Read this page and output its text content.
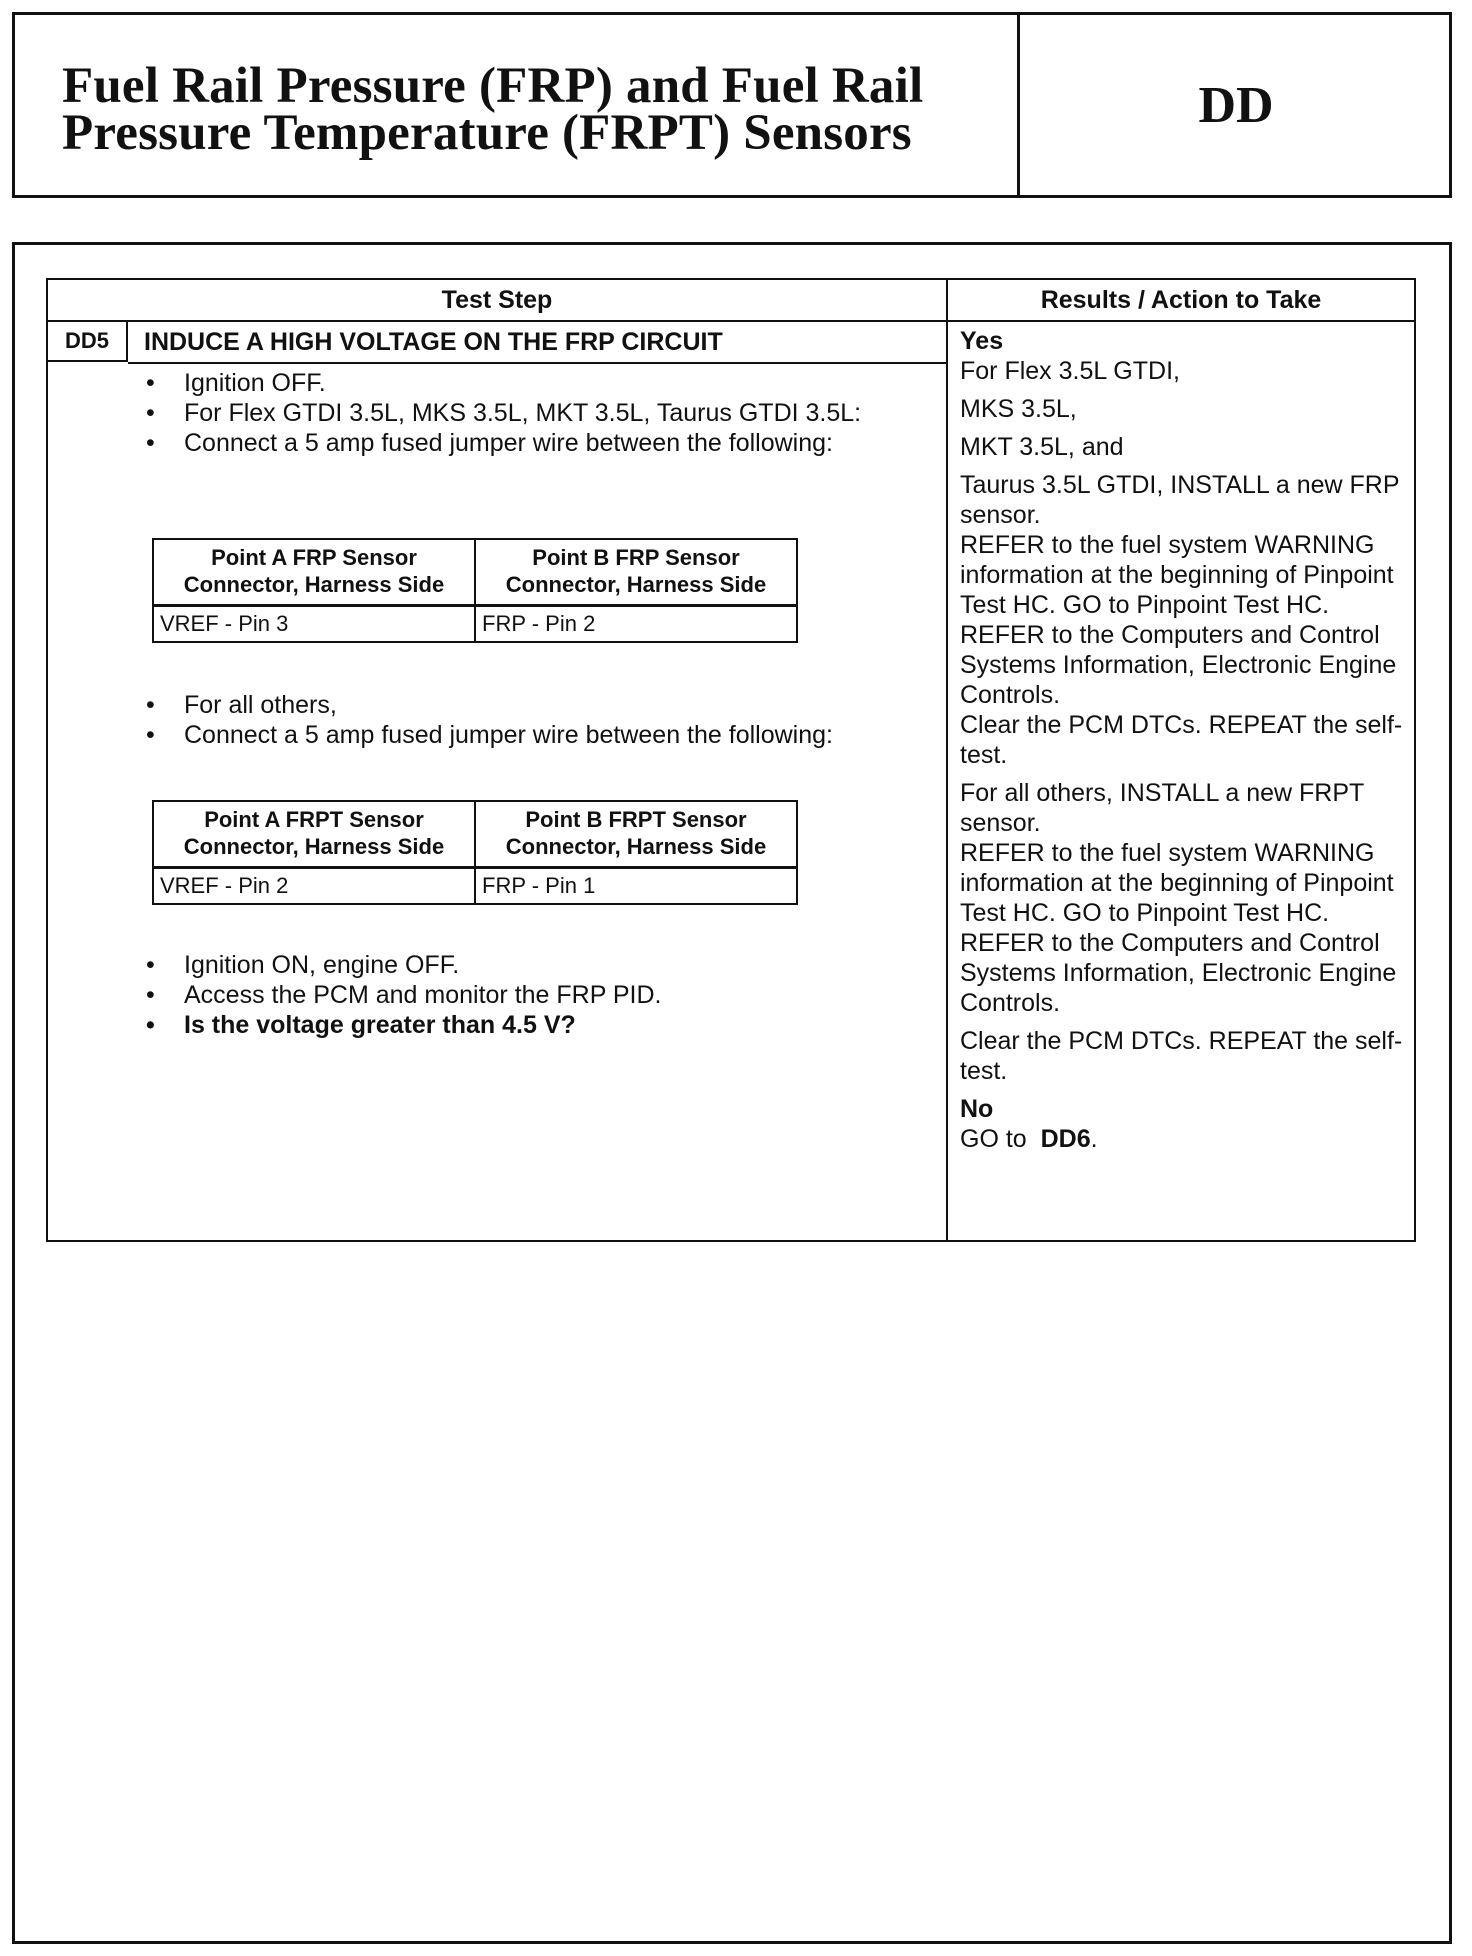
Fuel Rail Pressure (FRP) and Fuel Rail
Pressure Temperature (FRPT) Sensors	DD
Test Step	Results / Action to Take
DD5	INDUCE A HIGH VOLTAGE ON THE FRP CIRCUIT
• Ignition OFF.
• For Flex GTDI 3.5L, MKS 3.5L, MKT 3.5L, Taurus GTDI 3.5L:
• Connect a 5 amp fused jumper wire between the following:
Point A FRP Sensor Connector, Harness Side	Point B FRP Sensor Connector, Harness Side
VREF - Pin 3	FRP - Pin 2
• For all others,
• Connect a 5 amp fused jumper wire between the following:
Point A FRPT Sensor Connector, Harness Side	Point B FRPT Sensor Connector, Harness Side
VREF - Pin 2	FRP - Pin 1
• Ignition ON, engine OFF.
• Access the PCM and monitor the FRP PID.
• Is the voltage greater than 4.5 V?

Yes

For Flex 3.5L GTDI,

MKS 3.5L,

MKT 3.5L, and

Taurus 3.5L GTDI, INSTALL a new FRP sensor.

REFER to the fuel system WARNING information at the beginning of Pinpoint Test HC. GO to Pinpoint Test HC. REFER to the Computers and Control Systems Information, Electronic Engine Controls.

Clear the PCM DTCs. REPEAT the self-test.

For all others, INSTALL a new FRPT sensor.

REFER to the fuel system WARNING information at the beginning of Pinpoint Test HC. GO to Pinpoint Test HC. REFER to the Computers and Control Systems Information, Electronic Engine Controls.

Clear the PCM DTCs. REPEAT the self-test.

No

GO to DD6.
